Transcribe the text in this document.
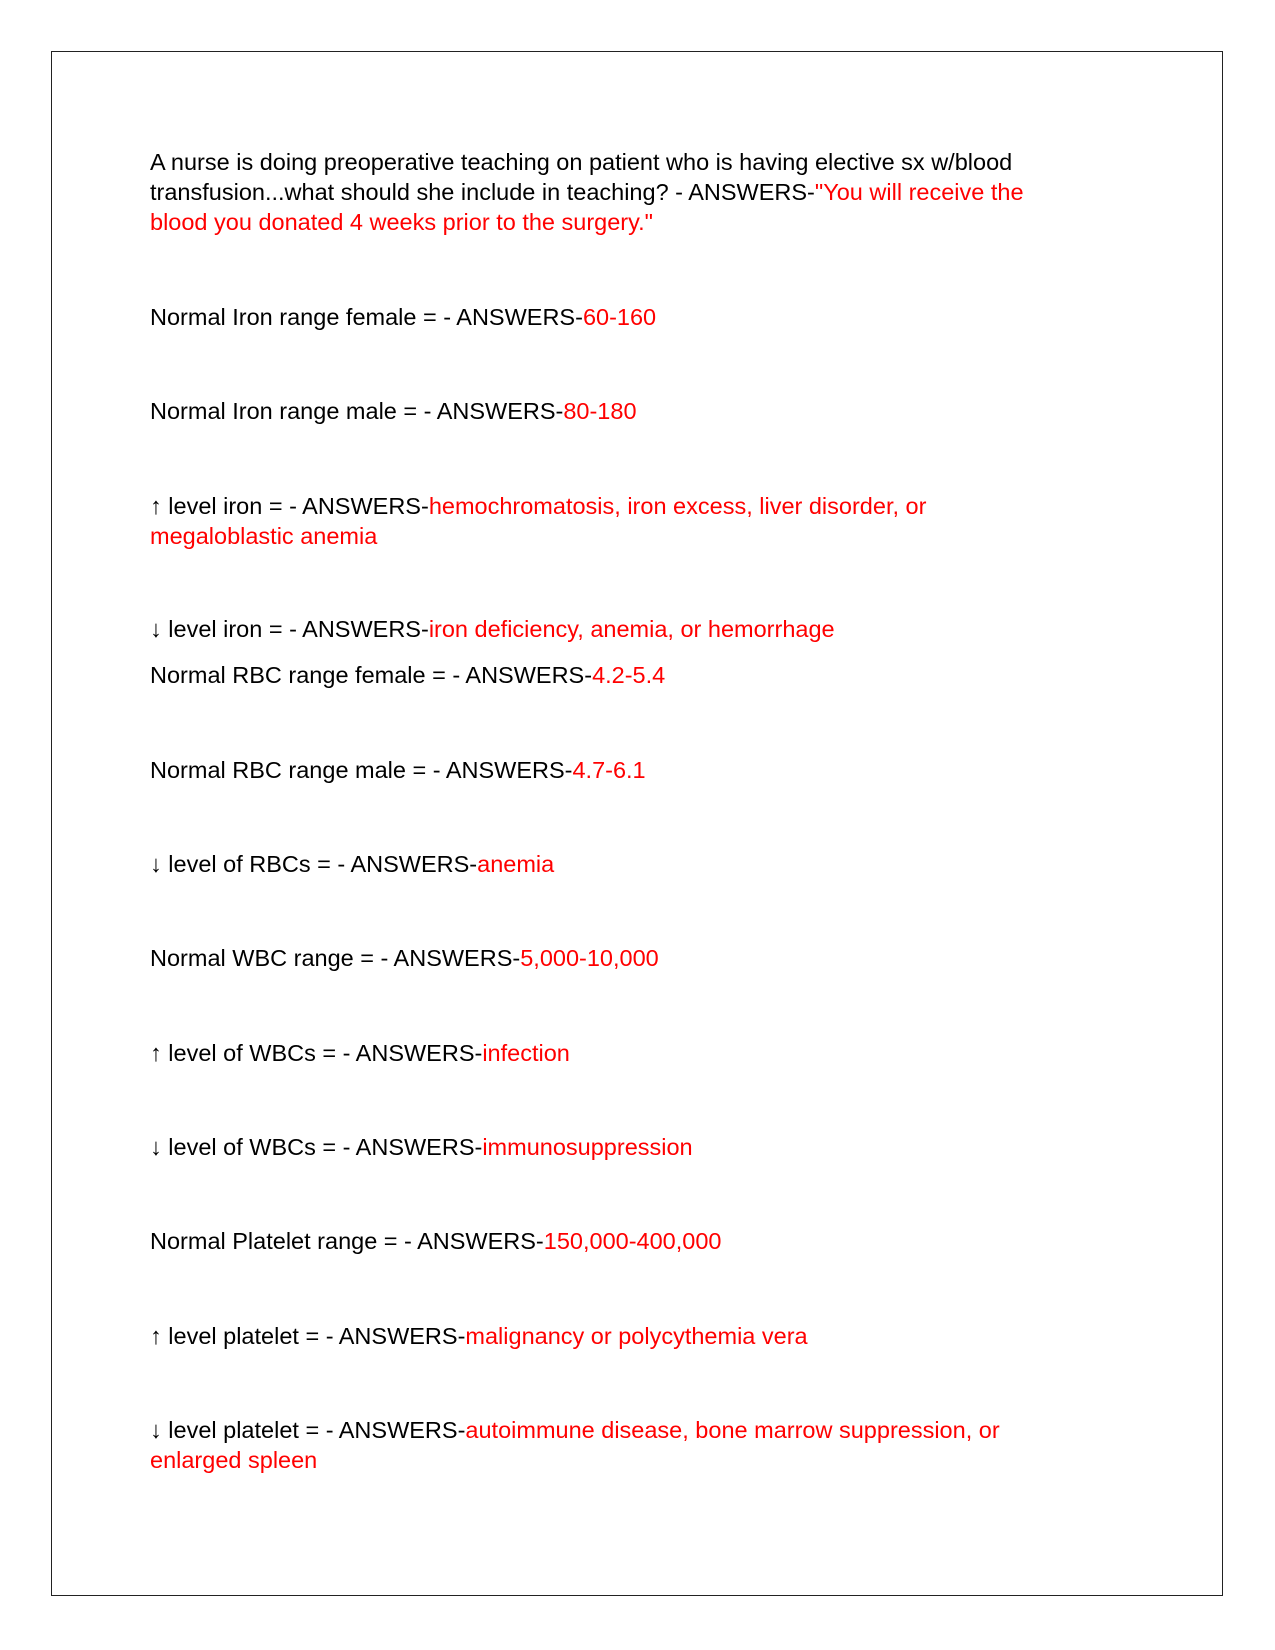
A nurse is doing preoperative teaching on patient who is having elective sx w/blood transfusion...what should she include in teaching? - ANSWERS-"You will receive the blood you donated 4 weeks prior to the surgery."

Normal Iron range female = - ANSWERS-60-160

Normal Iron range male = - ANSWERS-80-180

↑ level iron = - ANSWERS-hemochromatosis, iron excess, liver disorder, or megaloblastic anemia

↓ level iron = - ANSWERS-iron deficiency, anemia, or hemorrhage

Normal RBC range female = - ANSWERS-4.2-5.4

Normal RBC range male = - ANSWERS-4.7-6.1

↓ level of RBCs = - ANSWERS-anemia

Normal WBC range = - ANSWERS-5,000-10,000

↑ level of WBCs = - ANSWERS-infection

↓ level of WBCs = - ANSWERS-immunosuppression

Normal Platelet range = - ANSWERS-150,000-400,000

↑ level platelet = - ANSWERS-malignancy or polycythemia vera

↓ level platelet = - ANSWERS-autoimmune disease, bone marrow suppression, or enlarged spleen
